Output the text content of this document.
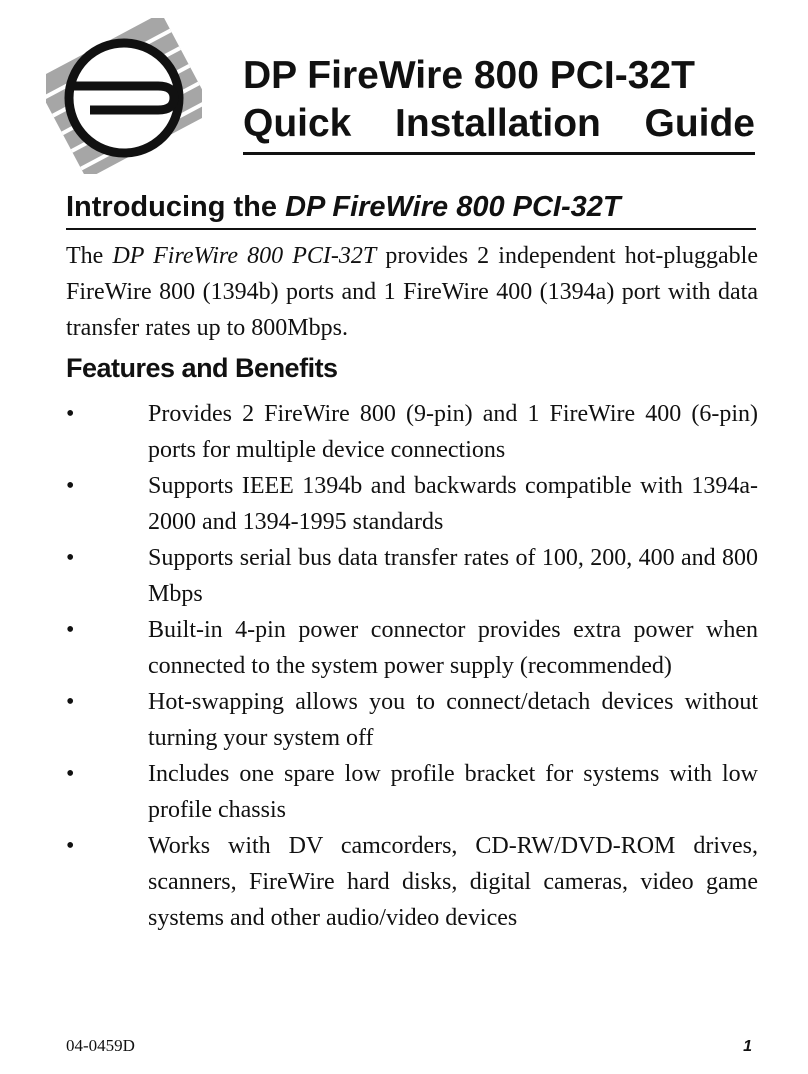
DP FireWire 800 PCI-32T
Quick Installation Guide
Introducing the DP FireWire 800 PCI-32T
The DP FireWire 800 PCI-32T provides 2 independent hot-pluggable FireWire 800 (1394b) ports and 1 FireWire 400 (1394a) port with data transfer rates up to 800Mbps.
Features and Benefits
•	Provides 2 FireWire 800 (9-pin) and 1 FireWire 400 (6-pin) ports for multiple device connections
•	Supports IEEE 1394b and backwards compatible with 1394a-2000 and 1394-1995 standards
•	Supports serial bus data transfer rates of 100, 200, 400 and 800 Mbps
•	Built-in 4-pin power connector provides extra power when connected to the system power supply (recommended)
•	Hot-swapping allows you to connect/detach devices without turning your system off
•	Includes one spare low profile bracket for systems with low profile chassis
•	Works with DV camcorders, CD-RW/DVD-ROM drives, scanners, FireWire hard disks, digital cameras, video game systems and other audio/video devices
04-0459D	1
